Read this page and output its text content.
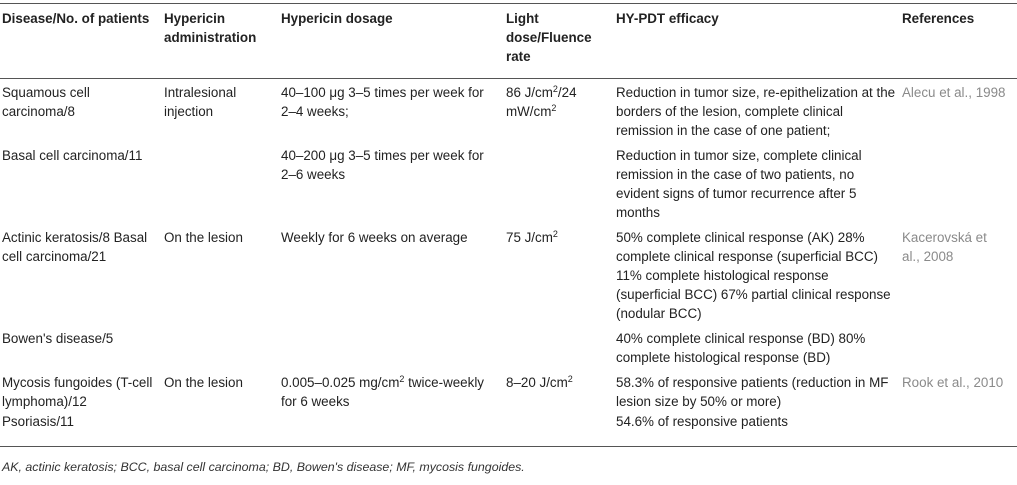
Disease/No. of patients	Hypericin administration	Hypericin dosage	Light dose/Fluence rate	HY-PDT efficacy	References
Squamous cell carcinoma/8	Intralesional injection	40–100 μg 3–5 times per week for 2–4 weeks;	86 $J/cm^2/24$ $mW/cm^2$	Reduction in tumor size, re-epithelization at the borders of the lesion, complete clinical remission in the case of one patient;	Alecu et al., 1998
Basal cell carcinoma/11		40–200 μg 3–5 times per week for 2–6 weeks		Reduction in tumor size, complete clinical remission in the case of two patients, no evident signs of tumor recurrence after 5 months	
Actinic keratosis/8 Basal cell carcinoma/21	On the lesion	Weekly for 6 weeks on average	75 $J/cm^2$	50% complete clinical response (AK) 28% complete clinical response (superficial BCC) 11% complete histological response (superficial BCC) 67% partial clinical response (nodular BCC)	Kacerovská et al., 2008
Bowen's disease/5				40% complete clinical response (BD) 80% complete histological response (BD)	
Mycosis fungoides (T-cell lymphoma)/12	On the lesion	0.005–0.025 $mg/cm^2$ twice-weekly for 6 weeks	8–20 $J/cm^2$	58.3% of responsive patients (reduction in MF lesion size by 50% or more)	Rook et al., 2010
Psoriasis/11				54.6% of responsive patients	
AK, actinic keratosis; BCC, basal cell carcinoma; BD, Bowen's disease; MF, mycosis fungoides.
